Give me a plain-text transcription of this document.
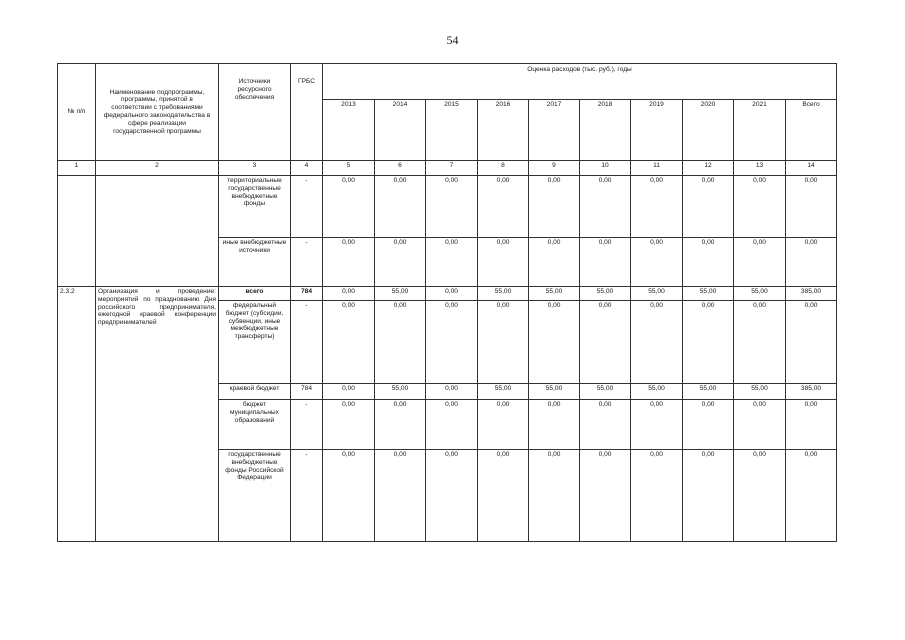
54
№ п/п	Наименование подпрограммы, программы, принятой в соответствии с требованиями федерального законодательства в сфере реализации государственной программы	Источники ресурсного обеспечения	ГРБС	Оценка расходов (тыс. руб.), годы									
				2013	2014	2015	2016	2017	2018	2019	2020	2021	Всего
1	2	3	4	5	6	7	8	9	10	11	12	13	14
		территориальные государственные внебюджетные фонды	-	0,00	0,00	0,00	0,00	0,00	0,00	0,00	0,00	0,00	0,00
		иные внебюджетные источники	-	0,00	0,00	0,00	0,00	0,00	0,00	0,00	0,00	0,00	0,00
2.3.2	Организация и проведение: мероприятий по празднованию Дня российского предпринимателя, ежегодной краевой конференции предпринимателей	всего	784	0,00	55,00	0,00	55,00	55,00	55,00	55,00	55,00	55,00	385,00
		федеральный бюджет (субсидии, субвенции, иные межбюджетные трансферты)	-	0,00	0,00	0,00	0,00	0,00	0,00	0,00	0,00	0,00	0,00
		краевой бюджет	784	0,00	55,00	0,00	55,00	55,00	55,00	55,00	55,00	55,00	385,00
		бюджет муниципальных образований	-	0,00	0,00	0,00	0,00	0,00	0,00	0,00	0,00	0,00	0,00
		государственные внебюджетные фонды Российской Федерации	-	0,00	0,00	0,00	0,00	0,00	0,00	0,00	0,00	0,00	0,00
